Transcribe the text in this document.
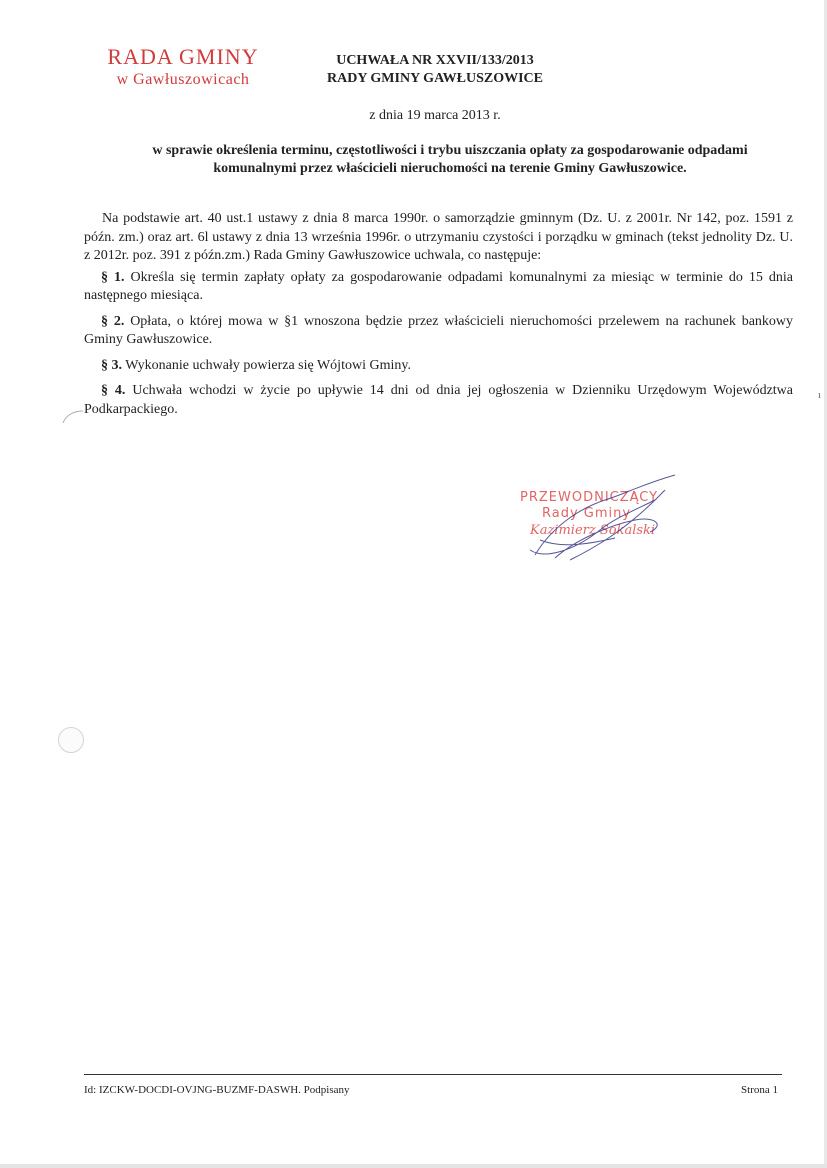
RADA GMINY
w Gawłuszowicach
UCHWAŁA NR XXVII/133/2013
RADY GMINY GAWŁUSZOWICE
z dnia 19 marca 2013 r.
w sprawie określenia terminu, częstotliwości i trybu uiszczania opłaty za gospodarowanie odpadami
komunalnymi przez właścicieli nieruchomości na terenie Gminy Gawłuszowice.

Na podstawie art. 40 ust.1 ustawy z dnia 8 marca 1990r. o samorządzie gminnym (Dz. U. z 2001r. Nr 142, poz. 1591 z późn. zm.) oraz art. 6l ustawy z dnia 13 września 1996r. o utrzymaniu czystości i porządku w gminach (tekst jednolity Dz. U. z 2012r. poz. 391 z późn.zm.) Rada Gminy Gawłuszowice uchwala, co następuje:

§ 1. Określa się termin zapłaty opłaty za gospodarowanie odpadami komunalnymi za miesiąc w terminie do 15 dnia następnego miesiąca.

§ 2. Opłata, o której mowa w §1 wnoszona będzie przez właścicieli nieruchomości przelewem na rachunek bankowy Gminy Gawłuszowice.

§ 3. Wykonanie uchwały powierza się Wójtowi Gminy.

§ 4. Uchwała wchodzi w życie po upływie 14 dni od dnia jej ogłoszenia w Dzienniku Urzędowym Województwa Podkarpackiego.

ı
PRZEWODNICZĄCY
Rady Gminy
Kazimierz Sokalski
Id: IZCKW-DOCDI-OVJNG-BUZMF-DASWH. Podpisany	Strona 1
